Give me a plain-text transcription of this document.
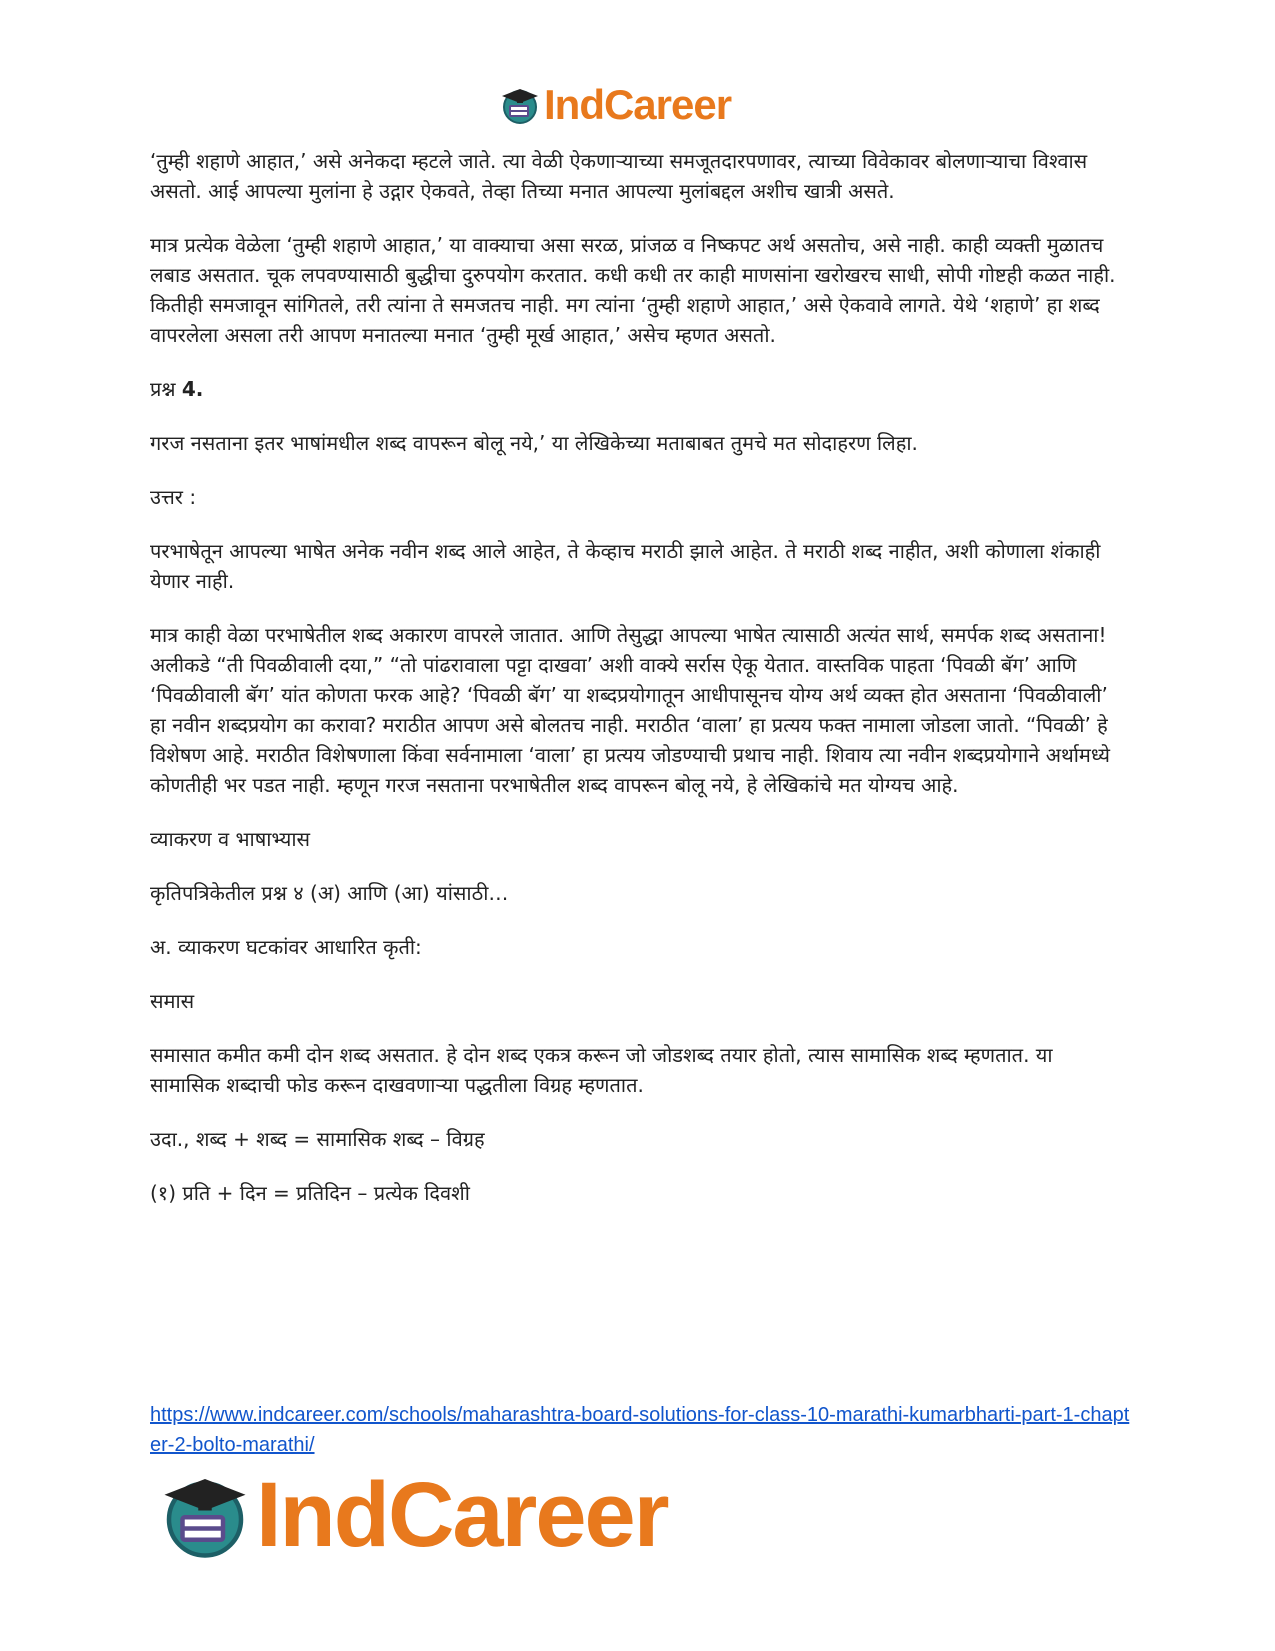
IndCareer

‘तुम्ही शहाणे आहात,’ असे अनेकदा म्हटले जाते. त्या वेळी ऐकणाऱ्याच्या समजूतदारपणावर, त्याच्या विवेकावर बोलणाऱ्याचा विश्वास असतो. आई आपल्या मुलांना हे उद्गार ऐकवते, तेव्हा तिच्या मनात आपल्या मुलांबद्दल अशीच खात्री असते.

मात्र प्रत्येक वेळेला ‘तुम्ही शहाणे आहात,’ या वाक्याचा असा सरळ, प्रांजळ व निष्कपट अर्थ असतोच, असे नाही. काही व्यक्ती मुळातच लबाड असतात. चूक लपवण्यासाठी बुद्धीचा दुरुपयोग करतात. कधी कधी तर काही माणसांना खरोखरच साधी, सोपी गोष्टही कळत नाही. कितीही समजावून सांगितले, तरी त्यांना ते समजतच नाही. मग त्यांना ‘तुम्ही शहाणे आहात,’ असे ऐकवावे लागते. येथे ‘शहाणे’ हा शब्द वापरलेला असला तरी आपण मनातल्या मनात ‘तुम्ही मूर्ख आहात,’ असेच म्हणत असतो.

प्रश्न 4.

गरज नसताना इतर भाषांमधील शब्द वापरून बोलू नये,’ या लेखिकेच्या मताबाबत तुमचे मत सोदाहरण लिहा.

उत्तर :

परभाषेतून आपल्या भाषेत अनेक नवीन शब्द आले आहेत, ते केव्हाच मराठी झाले आहेत. ते मराठी शब्द नाहीत, अशी कोणाला शंकाही येणार नाही.

मात्र काही वेळा परभाषेतील शब्द अकारण वापरले जातात. आणि तेसुद्धा आपल्या भाषेत त्यासाठी अत्यंत सार्थ, समर्पक शब्द असताना! अलीकडे “ती पिवळीवाली दया,” “तो पांढरावाला पट्टा दाखवा’ अशी वाक्ये सर्रास ऐकू येतात. वास्तविक पाहता ‘पिवळी बॅग’ आणि ‘पिवळीवाली बॅग’ यांत कोणता फरक आहे? ‘पिवळी बॅग’ या शब्दप्रयोगातून आधीपासूनच योग्य अर्थ व्यक्त होत असताना ‘पिवळीवाली’ हा नवीन शब्दप्रयोग का करावा? मराठीत आपण असे बोलतच नाही. मराठीत ‘वाला’ हा प्रत्यय फक्त नामाला जोडला जातो. “पिवळी’ हे विशेषण आहे. मराठीत विशेषणाला किंवा सर्वनामाला ‘वाला’ हा प्रत्यय जोडण्याची प्रथाच नाही. शिवाय त्या नवीन शब्दप्रयोगाने अर्थामध्ये कोणतीही भर पडत नाही. म्हणून गरज नसताना परभाषेतील शब्द वापरून बोलू नये, हे लेखिकांचे मत योग्यच आहे.

व्याकरण व भाषाभ्यास

कृतिपत्रिकेतील प्रश्न ४ (अ) आणि (आ) यांसाठी…

अ. व्याकरण घटकांवर आधारित कृती:

समास

समासात कमीत कमी दोन शब्द असतात. हे दोन शब्द एकत्र करून जो जोडशब्द तयार होतो, त्यास सामासिक शब्द म्हणतात. या सामासिक शब्दाची फोड करून दाखवणाऱ्या पद्धतीला विग्रह म्हणतात.

उदा., शब्द + शब्द = सामासिक शब्द – विग्रह

(१) प्रति + दिन = प्रतिदिन – प्रत्येक दिवशी

https://www.indcareer.com/schools/maharashtra-board-solutions-for-class-10-marathi-kumarbharti-part-1-chapter-2-bolto-marathi/
IndCareer
